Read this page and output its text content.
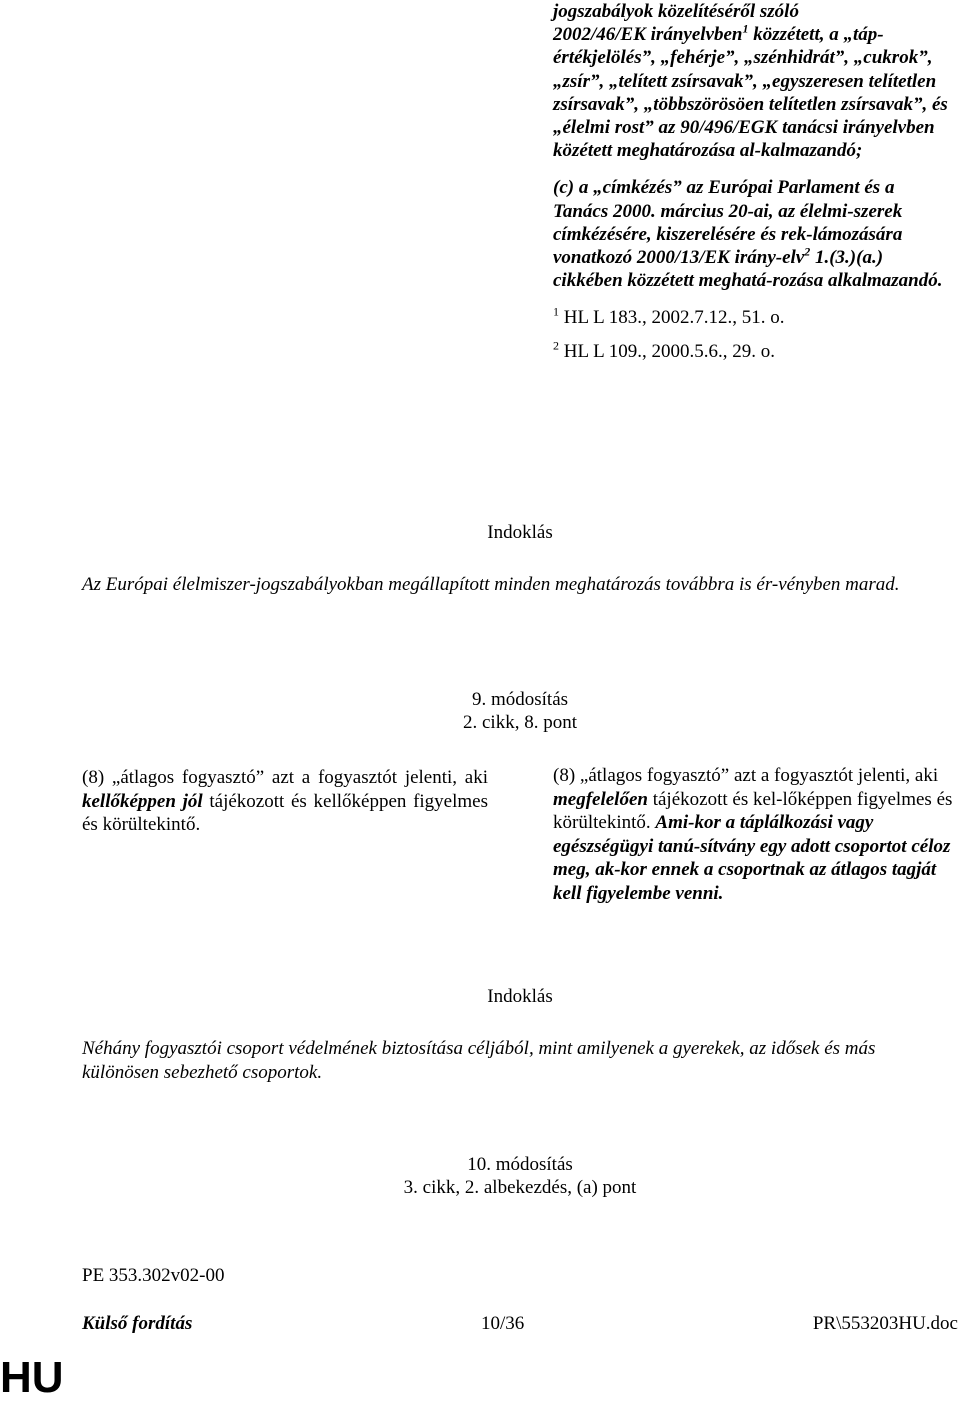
jogszabályok közelítéséről szóló
2002/46/EK irányelvben$^1$ közzétett, a „táp- értékjelölés”, „fehérje”, „szénhidrát”, „cukrok”, „zsír”, „telített zsírsavak”, „egyszeresen telítetlen zsírsavak”, „többszörösöen telítetlen zsírsavak”, és „élelmi rost” az 90/496/EGK tanácsi irányelvben közétett meghatározása al-kalmazandó;

(c) a „címkézés” az Európai Parlament és a Tanács 2000. március 20-ai, az élelmi-szerek címkézésére, kiszerelésére és rek-lámozására vonatkozó 2000/13/EK irány-elv$^2$ 1.(3.)(a.) cikkében közzétett meghatá-rozása alkalmazandó.

$^1$ HL L 183., 2002.7.12., 51. o.

$^2$ HL L 109., 2000.5.6., 29. o.

Indoklás
Az Európai élelmiszer-jogszabályokban megállapított minden meghatározás továbbra is ér-vényben marad.
9. módosítás
2. cikk, 8. pont
(8) „átlagos fogyasztó” azt a fogyasztót jelenti, aki kellőképpen jól tájékozott és kellőképpen figyelmes és körültekintő.
(8) „átlagos fogyasztó” azt a fogyasztót jelenti, aki megfelelően tájékozott és kel-lőképpen figyelmes és körültekintő. Ami-kor a táplálkozási vagy egészségügyi tanú-sítvány egy adott csoportot céloz meg, ak-kor ennek a csoportnak az átlagos tagját kell figyelembe venni.
Indoklás
Néhány fogyasztói csoport védelmének biztosítása céljából, mint amilyenek a gyerekek, az idősek és más különösen sebezhető csoportok.
10. módosítás
3. cikk, 2. albekezdés, (a) pont
PE 353.302v02-00
Külső fordítás	10/36	PR\553203HU.doc
HU
